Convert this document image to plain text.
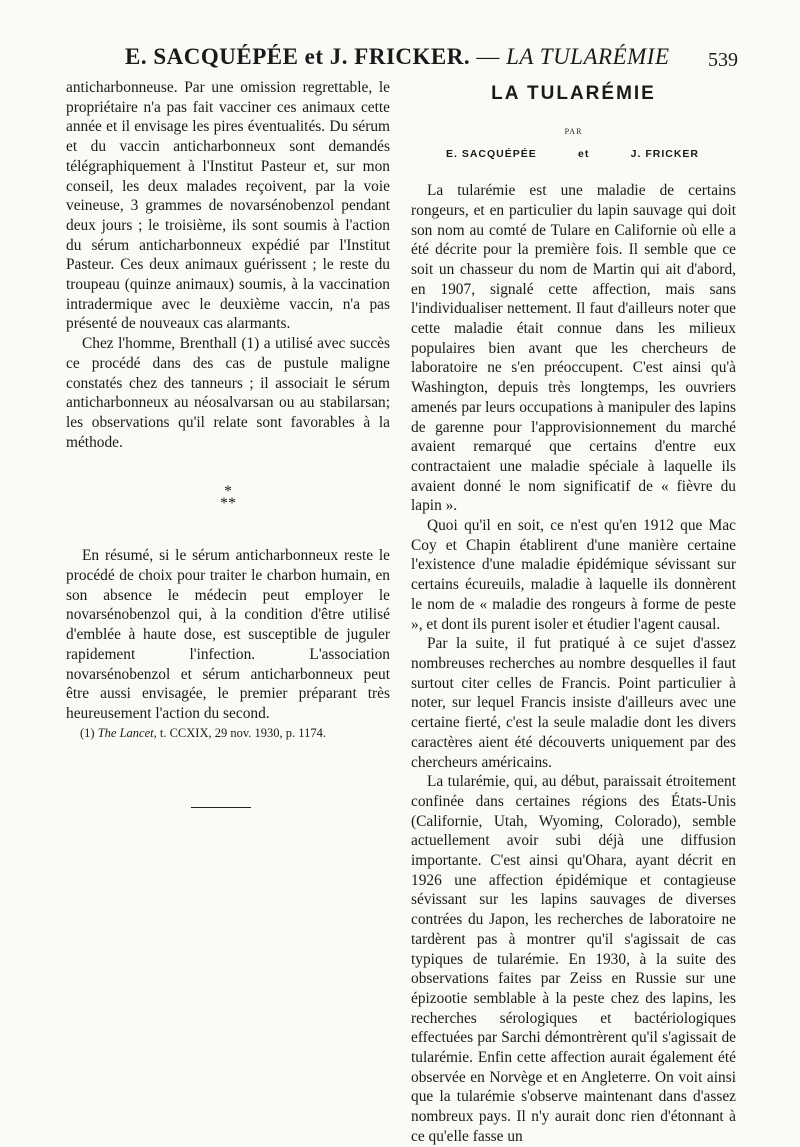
E. SACQUÉPÉE et J. FRICKER. — LA TULARÉMIE	539

anticharbonneuse. Par une omission regrettable, le propriétaire n'a pas fait vacciner ces animaux cette année et il envisage les pires éventualités. Du sérum et du vaccin anticharbonneux sont demandés télégraphiquement à l'Institut Pasteur et, sur mon conseil, les deux malades reçoivent, par la voie veineuse, 3 grammes de novarsénobenzol pendant deux jours ; le troisième, ils sont soumis à l'action du sérum anticharbonneux expédié par l'Institut Pasteur. Ces deux animaux guérissent ; le reste du troupeau (quinze animaux) soumis, à la vaccination intradermique avec le deuxième vaccin, n'a pas présenté de nouveaux cas alarmants.

Chez l'homme, Brenthall (1) a utilisé avec succès ce procédé dans des cas de pustule maligne constatés chez des tanneurs ; il associait le sérum anticharbonneux au néosalvarsan ou au stabilarsan; les observations qu'il relate sont favorables à la méthode.

*
**

En résumé, si le sérum anticharbonneux reste le procédé de choix pour traiter le charbon humain, en son absence le médecin peut employer le novarsénobenzol qui, à la condition d'être utilisé d'emblée à haute dose, est susceptible de juguler rapidement l'infection. L'association novarsénobenzol et sérum anticharbonneux peut être aussi envisagée, le premier préparant très heureusement l'action du second.

(1) The Lancet, t. CCXIX, 29 nov. 1930, p. 1174.

LA TULARÉMIE
PAR
E. SACQUÉPÉE	et	J. FRICKER

La tularémie est une maladie de certains rongeurs, et en particulier du lapin sauvage qui doit son nom au comté de Tulare en Californie où elle a été décrite pour la première fois. Il semble que ce soit un chasseur du nom de Martin qui ait d'abord, en 1907, signalé cette affection, mais sans l'individualiser nettement. Il faut d'ailleurs noter que cette maladie était connue dans les milieux populaires bien avant que les chercheurs de laboratoire ne s'en préoccupent. C'est ainsi qu'à Washington, depuis très longtemps, les ouvriers amenés par leurs occupations à manipuler des lapins de garenne pour l'approvisionnement du marché avaient remarqué que certains d'entre eux contractaient une maladie spéciale à laquelle ils avaient donné le nom significatif de « fièvre du lapin ».

Quoi qu'il en soit, ce n'est qu'en 1912 que Mac Coy et Chapin établirent d'une manière certaine l'existence d'une maladie épidémique sévissant sur certains écureuils, maladie à laquelle ils donnèrent le nom de « maladie des rongeurs à forme de peste », et dont ils purent isoler et étudier l'agent causal.

Par la suite, il fut pratiqué à ce sujet d'assez nombreuses recherches au nombre desquelles il faut surtout citer celles de Francis. Point particulier à noter, sur lequel Francis insiste d'ailleurs avec une certaine fierté, c'est la seule maladie dont les divers caractères aient été découverts uniquement par des chercheurs américains.

La tularémie, qui, au début, paraissait étroitement confinée dans certaines régions des États-Unis (Californie, Utah, Wyoming, Colorado), semble actuellement avoir subi déjà une diffusion importante. C'est ainsi qu'Ohara, ayant décrit en 1926 une affection épidémique et contagieuse sévissant sur les lapins sauvages de diverses contrées du Japon, les recherches de laboratoire ne tardèrent pas à montrer qu'il s'agissait de cas typiques de tularémie. En 1930, à la suite des observations faites par Zeiss en Russie sur une épizootie semblable à la peste chez des lapins, les recherches sérologiques et bactériologiques effectuées par Sarchi démontrèrent qu'il s'agissait de tularémie. Enfin cette affection aurait également été observée en Norvège et en Angleterre. On voit ainsi que la tularémie s'observe maintenant dans d'assez nombreux pays. Il n'y aurait donc rien d'étonnant à ce qu'elle fasse un
